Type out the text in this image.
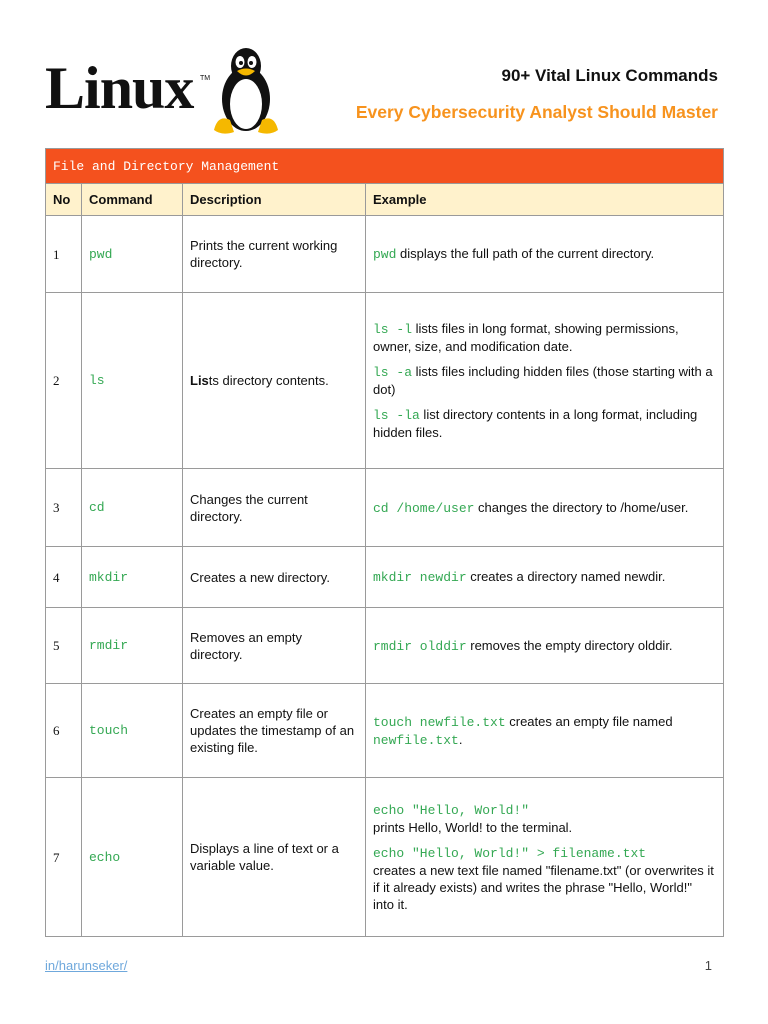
Linux TM	90+ Vital Linux Commands
Every Cybersecurity Analyst Should Master
File and Directory Management			
No	Command	Description	Example
1	pwd	Prints the current working directory.	pwd displays the full path of the current directory.
2	ls	Lists directory contents.	ls -l lists files in long format, showing permissions, owner, size, and modification date.

ls -a lists files including hidden files (those starting with a dot)

ls -la list directory contents in a long format, including hidden files.

3	cd	Changes the current directory.	cd /home/user changes the directory to /home/user.
4	mkdir	Creates a new directory.	mkdir newdir creates a directory named newdir.
5	rmdir	Removes an empty directory.	rmdir olddir removes the empty directory olddir.
6	touch	Creates an empty file or updates the timestamp of an existing file.	touch newfile.txt creates an empty file named newfile.txt.
7	echo	Displays a line of text or a variable value.	echo "Hello, World!"
prints Hello, World! to the terminal.

echo "Hello, World!" > filename.txt
creates a new text file named "filename.txt" (or overwrites it if it already exists) and writes the phrase "Hello, World!" into it.

in/harunseker/	1
